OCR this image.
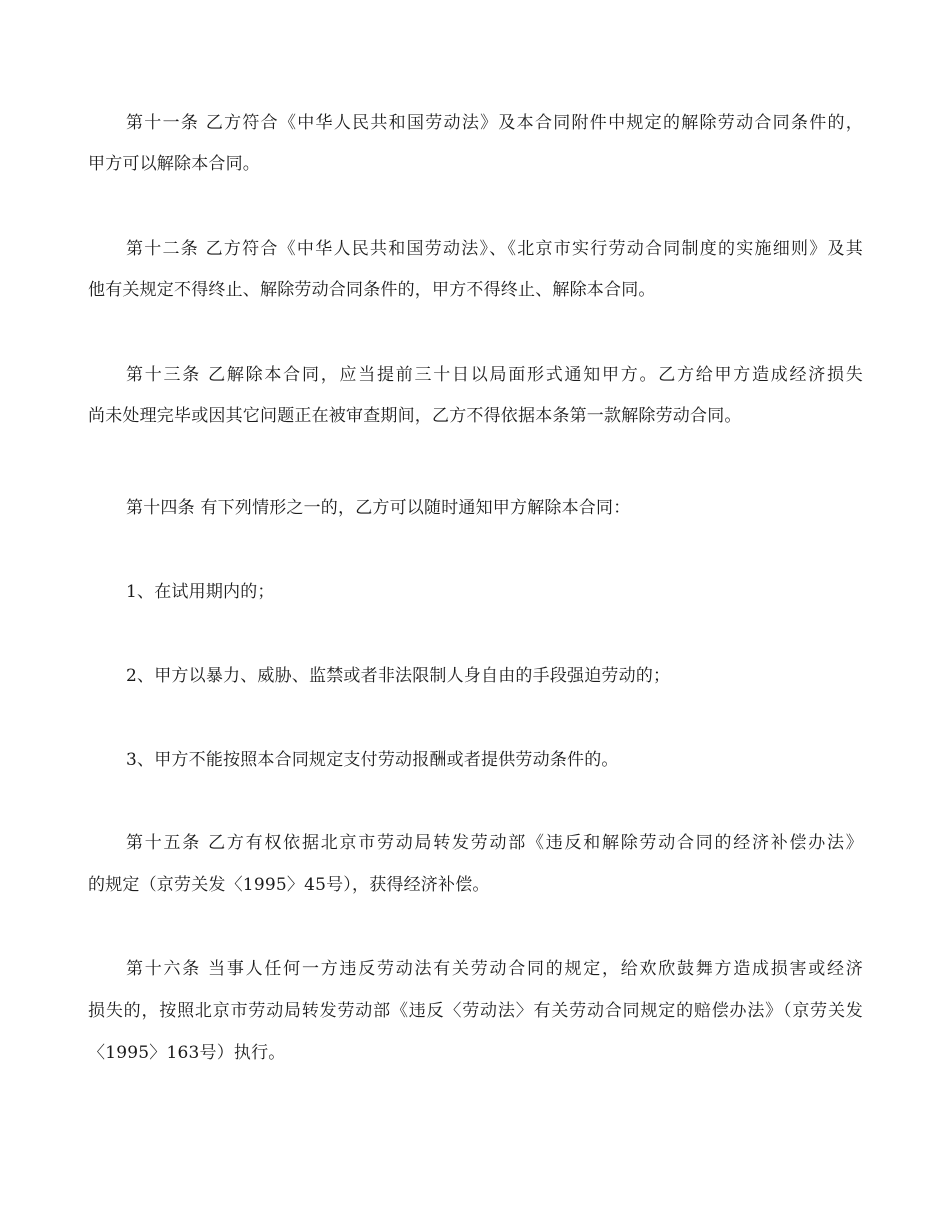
第十一条 乙方符合《中华人民共和国劳动法》及本合同附件中规定的解除劳动合同条件的，
甲方可以解除本合同。
第十二条 乙方符合《中华人民共和国劳动法》、《北京市实行劳动合同制度的实施细则》及其
他有关规定不得终止、解除劳动合同条件的，甲方不得终止、解除本合同。
第十三条 乙解除本合同，应当提前三十日以局面形式通知甲方。乙方给甲方造成经济损失
尚未处理完毕或因其它问题正在被审查期间，乙方不得依据本条第一款解除劳动合同。
第十四条 有下列情形之一的，乙方可以随时通知甲方解除本合同：
1、在试用期内的；
2、甲方以暴力、威胁、监禁或者非法限制人身自由的手段强迫劳动的；
3、甲方不能按照本合同规定支付劳动报酬或者提供劳动条件的。
第十五条 乙方有权依据北京市劳动局转发劳动部《违反和解除劳动合同的经济补偿办法》
的规定（京劳关发〈1995〉45号），获得经济补偿。
第十六条 当事人任何一方违反劳动法有关劳动合同的规定，给欢欣鼓舞方造成损害或经济
损失的，按照北京市劳动局转发劳动部《违反〈劳动法〉有关劳动合同规定的赔偿办法》（京劳关发
〈1995〉163号）执行。
